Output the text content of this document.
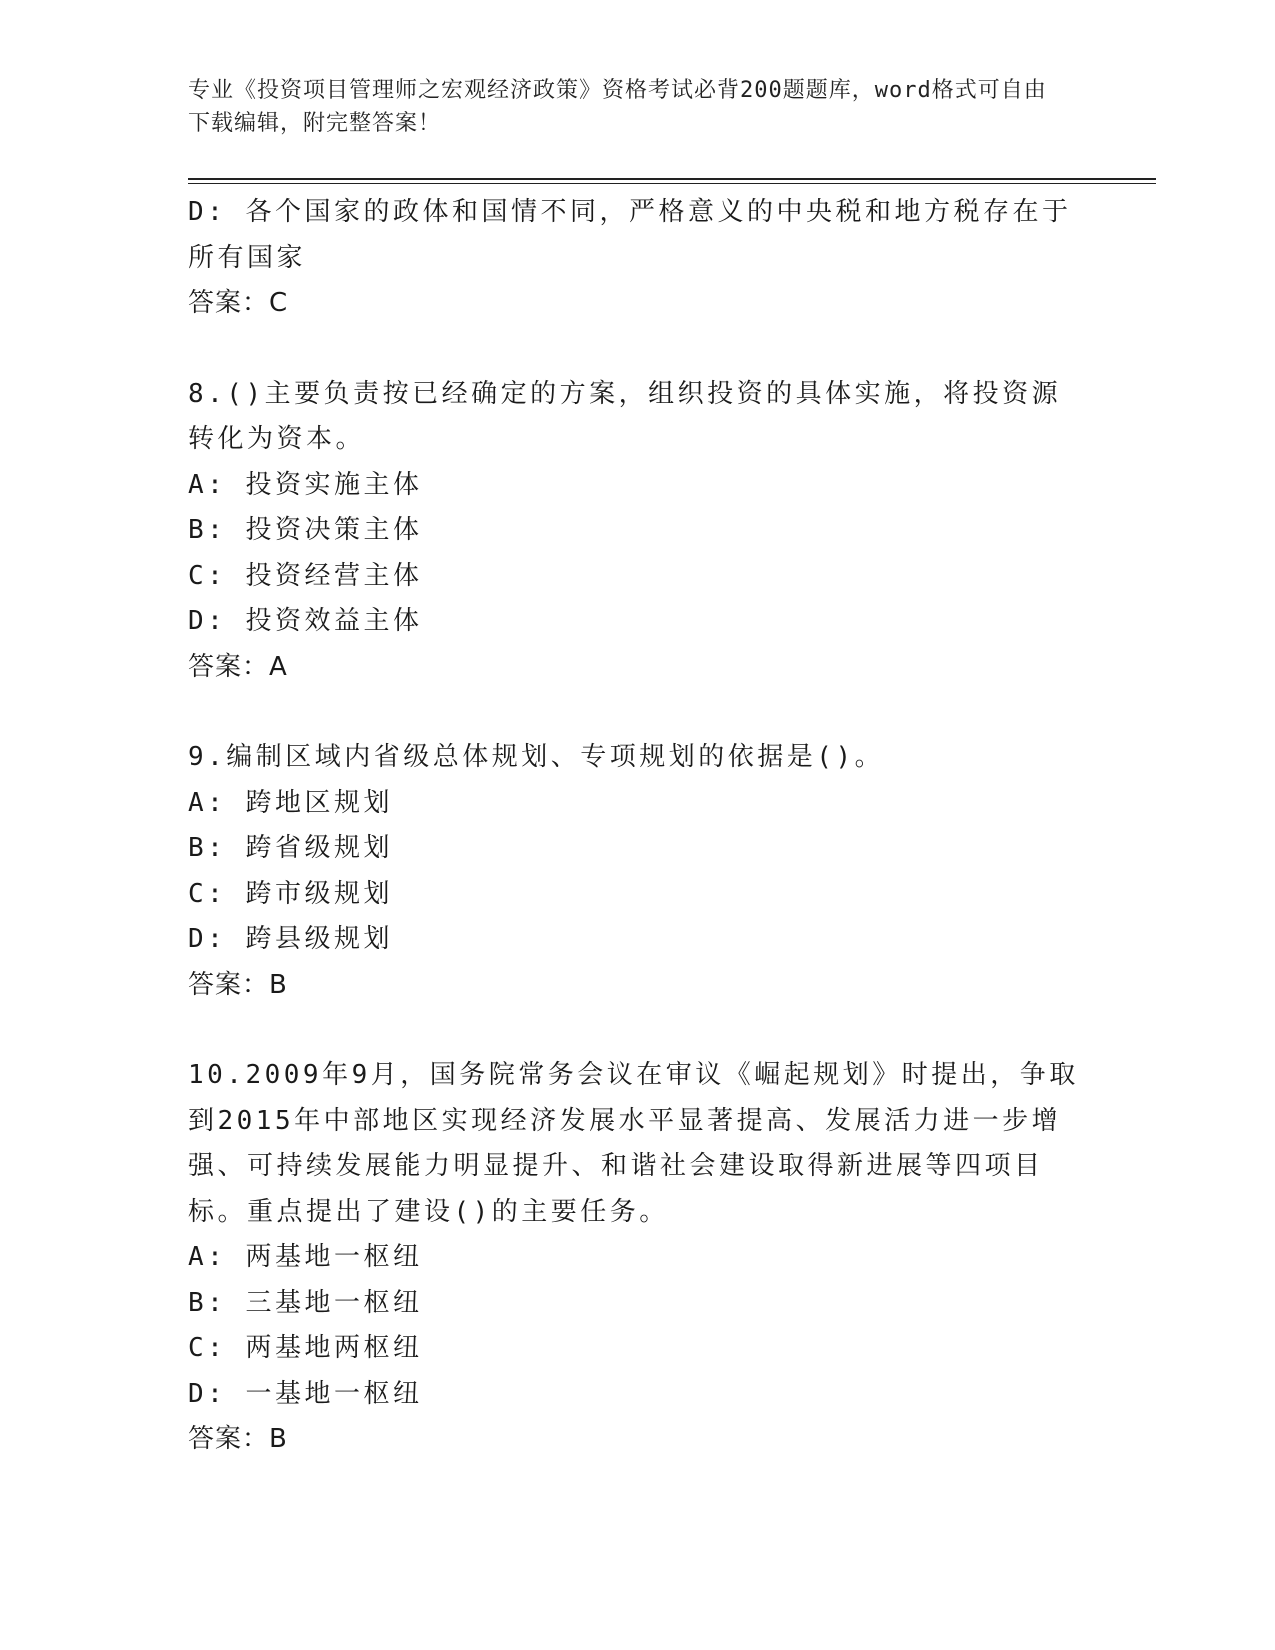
专业《投资项目管理师之宏观经济政策》资格考试必背200题题库，word格式可自由下载编辑，附完整答案！
D: 各个国家的政体和国情不同，严格意义的中央税和地方税存在于所有国家
答案：C
8.()主要负责按已经确定的方案，组织投资的具体实施，将投资源转化为资本。
A: 投资实施主体
B: 投资决策主体
C: 投资经营主体
D: 投资效益主体
答案：A
9.编制区域内省级总体规划、专项规划的依据是()。
A: 跨地区规划
B: 跨省级规划
C: 跨市级规划
D: 跨县级规划
答案：B
10.2009年9月，国务院常务会议在审议《崛起规划》时提出，争取到2015年中部地区实现经济发展水平显著提高、发展活力进一步增强、可持续发展能力明显提升、和谐社会建设取得新进展等四项目标。重点提出了建设()的主要任务。
A: 两基地一枢纽
B: 三基地一枢纽
C: 两基地两枢纽
D: 一基地一枢纽
答案：B
